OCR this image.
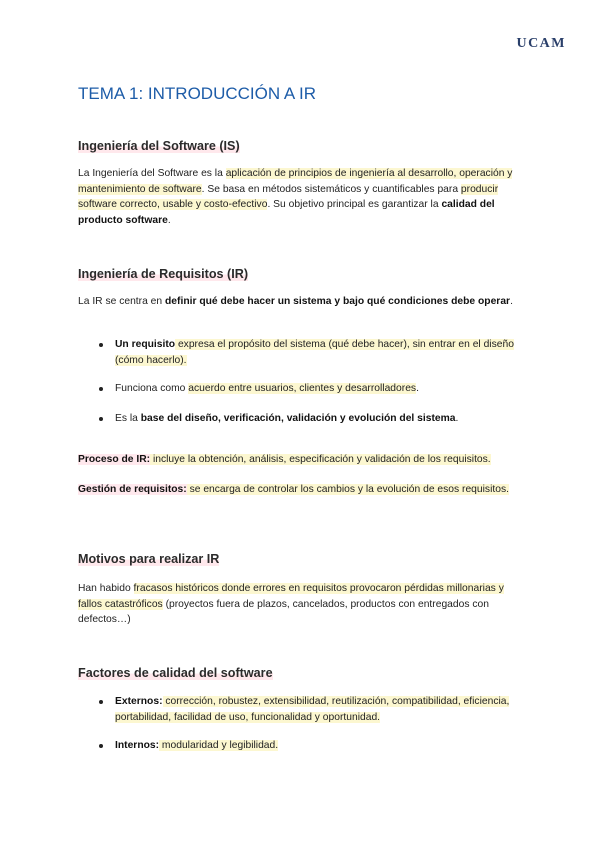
UCAM
TEMA 1: INTRODUCCIÓN A IR
Ingeniería del Software (IS)

La Ingeniería del Software es la aplicación de principios de ingeniería al desarrollo, operación y mantenimiento de software. Se basa en métodos sistemáticos y cuantificables para producir software correcto, usable y costo-efectivo. Su objetivo principal es garantizar la calidad del producto software.

Ingeniería de Requisitos (IR)

La IR se centra en definir qué debe hacer un sistema y bajo qué condiciones debe operar.

Un requisito expresa el propósito del sistema (qué debe hacer), sin entrar en el diseño (cómo hacerlo).
Funciona como acuerdo entre usuarios, clientes y desarrolladores.
Es la base del diseño, verificación, validación y evolución del sistema.

Proceso de IR: incluye la obtención, análisis, especificación y validación de los requisitos.

Gestión de requisitos: se encarga de controlar los cambios y la evolución de esos requisitos.

Motivos para realizar IR

Han habido fracasos históricos donde errores en requisitos provocaron pérdidas millonarias y fallos catastróficos (proyectos fuera de plazos, cancelados, productos con entregados con defectos…)

Factores de calidad del software
Externos: corrección, robustez, extensibilidad, reutilización, compatibilidad, eficiencia, portabilidad, facilidad de uso, funcionalidad y oportunidad.
Internos: modularidad y legibilidad.
